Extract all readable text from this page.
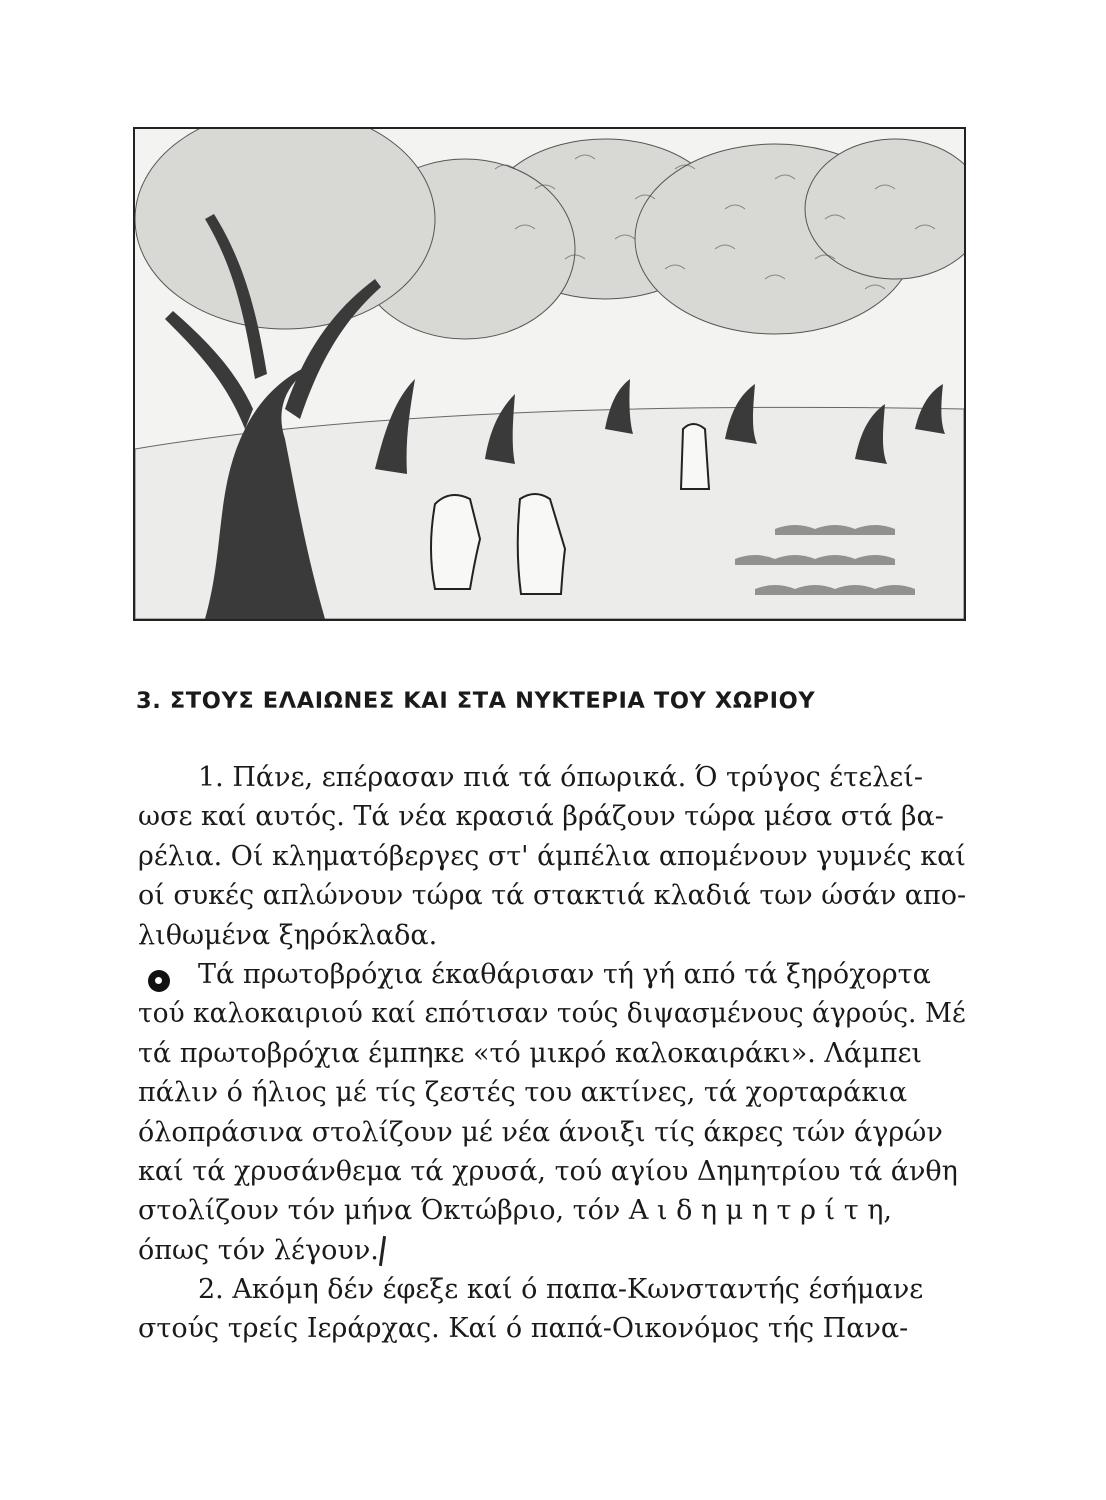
3. ΣΤΟΥΣ ΕΛΑΙΩΝΕΣ ΚΑΙ ΣΤΑ ΝΥΚΤΕΡΙΑ ΤΟΥ ΧΩΡΙΟΥ
1. Πάνε, επέρασαν πιά τά όπωρικά. Ό τρύγος έτελεί-
ωσε καί αυτός. Τά νέα κρασιά βράζουν τώρα μέσα στά βα-
ρέλια. Οί κληματόβεργες στ' άμπέλια απομένουν γυμνές καί
οί συκές απλώνουν τώρα τά στακτιά κλαδιά των ώσάν απο-
λιθωμένα ξηρόκλαδα.
Τά πρωτοβρόχια έκαθάρισαν τή γή από τά ξηρόχορτα
τού καλοκαιριού καί επότισαν τούς διψασμένους άγρούς. Μέ
τά πρωτοβρόχια έμπηκε «τό μικρό καλοκαιράκι». Λάμπει
πάλιν ό ήλιος μέ τίς ζεστές του ακτίνες, τά χορταράκια
όλοπράσινα στολίζουν μέ νέα άνοιξι τίς άκρες τών άγρών
καί τά χρυσάνθεμα τά χρυσά, τού αγίου Δημητρίου τά άνθη
στολίζουν τόν μήνα Όκτώβριο, τόν Α ι δ η μ η τ ρ ί τ η,
όπως τόν λέγουν.
2. Ακόμη δέν έφεξε καί ό παπα-Κωνσταντής έσήμανε
στούς τρείς Ιεράρχας. Καί ό παπά-Οικονόμος τής Πανα-
